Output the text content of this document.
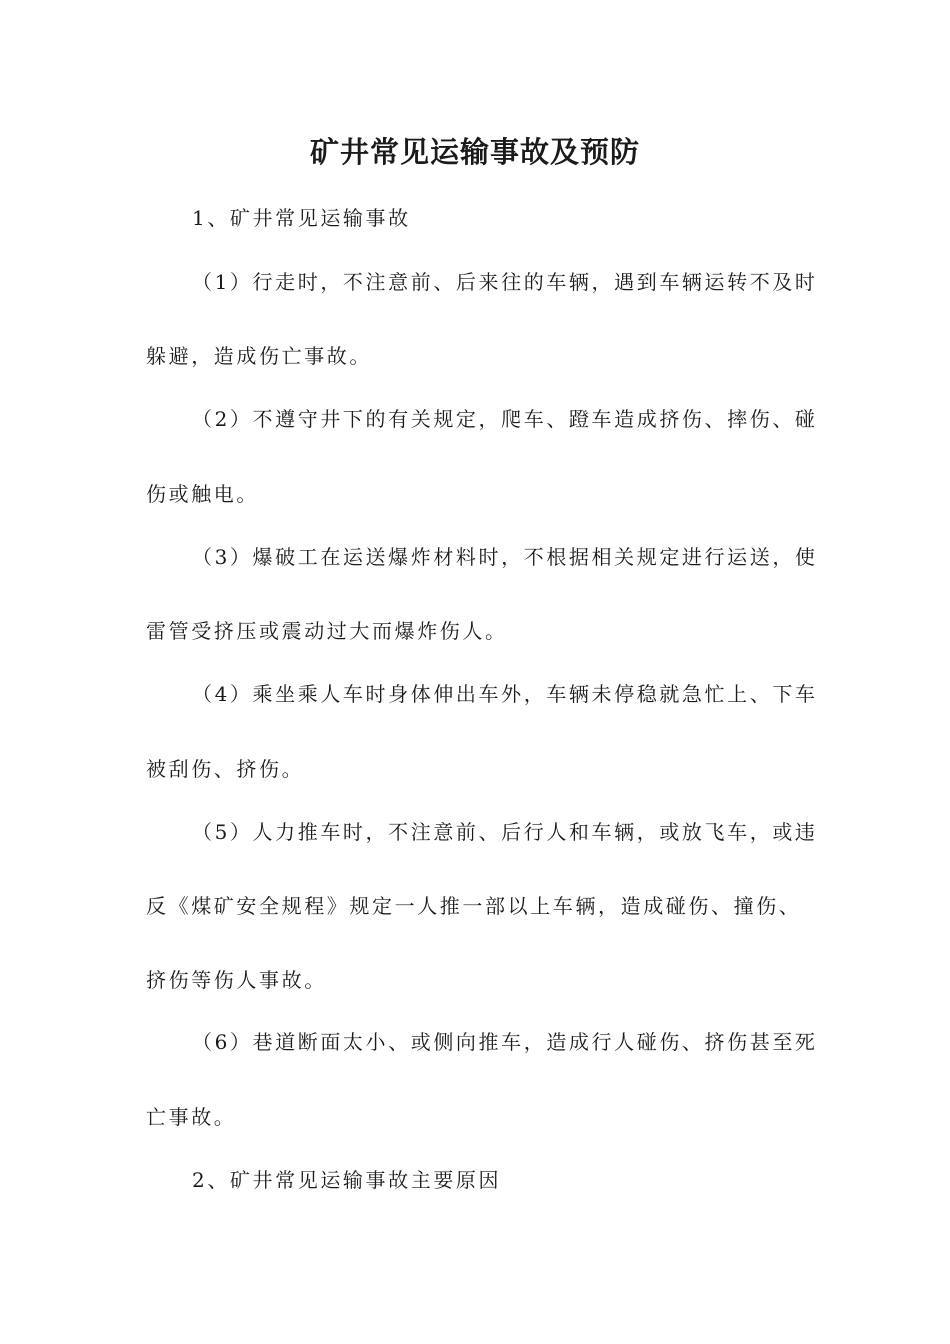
矿井常见运输事故及预防
1、矿井常见运输事故
（1）行走时，不注意前、后来往的车辆，遇到车辆运转不及时
躲避，造成伤亡事故。
（2）不遵守井下的有关规定，爬车、蹬车造成挤伤、摔伤、碰
伤或触电。
（3）爆破工在运送爆炸材料时，不根据相关规定进行运送，使
雷管受挤压或震动过大而爆炸伤人。
（4）乘坐乘人车时身体伸出车外，车辆未停稳就急忙上、下车
被刮伤、挤伤。
（5）人力推车时，不注意前、后行人和车辆，或放飞车，或违
反《煤矿安全规程》规定一人推一部以上车辆，造成碰伤、撞伤、
挤伤等伤人事故。
（6）巷道断面太小、或侧向推车，造成行人碰伤、挤伤甚至死
亡事故。
2、矿井常见运输事故主要原因
